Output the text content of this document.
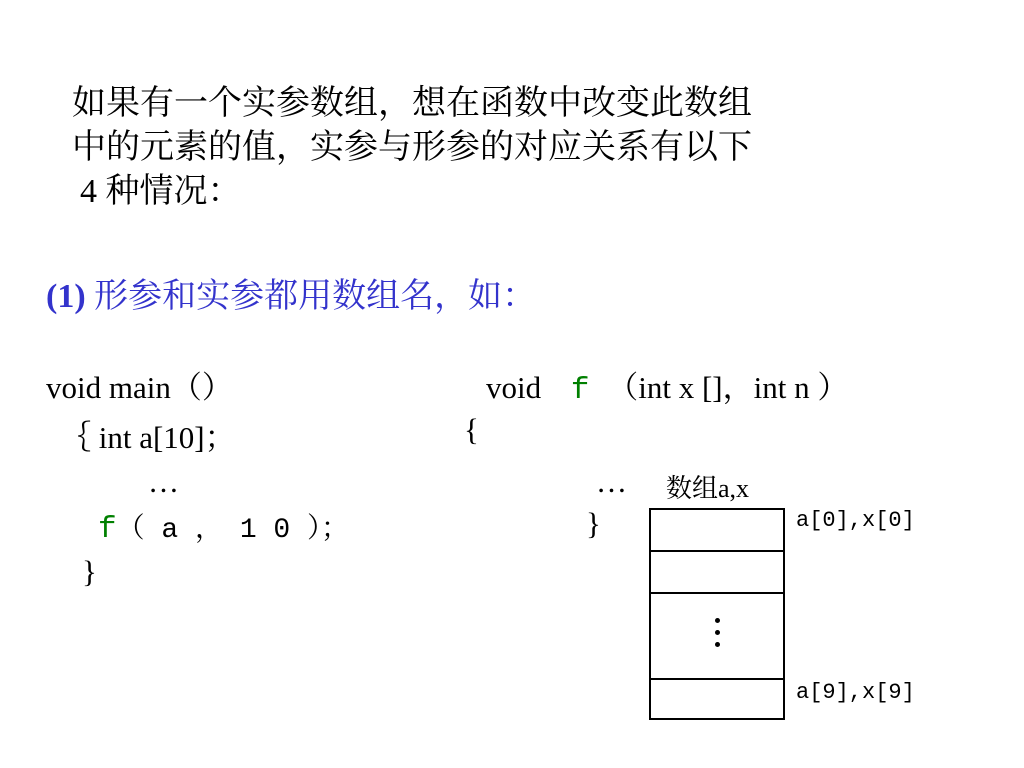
如果有一个实参数组，想在函数中改变此数组
中的元素的值，实参与形参的对应关系有以下
4 种情况：
(1) 形参和实参都用数组名，如：
void main（）
｛ int a[10]；
…
f（ a ， 1 0 ）；
}
void f （int x []，int n ）
{
…
}
数组a,x
a[0],x[0]
a[9],x[9]
